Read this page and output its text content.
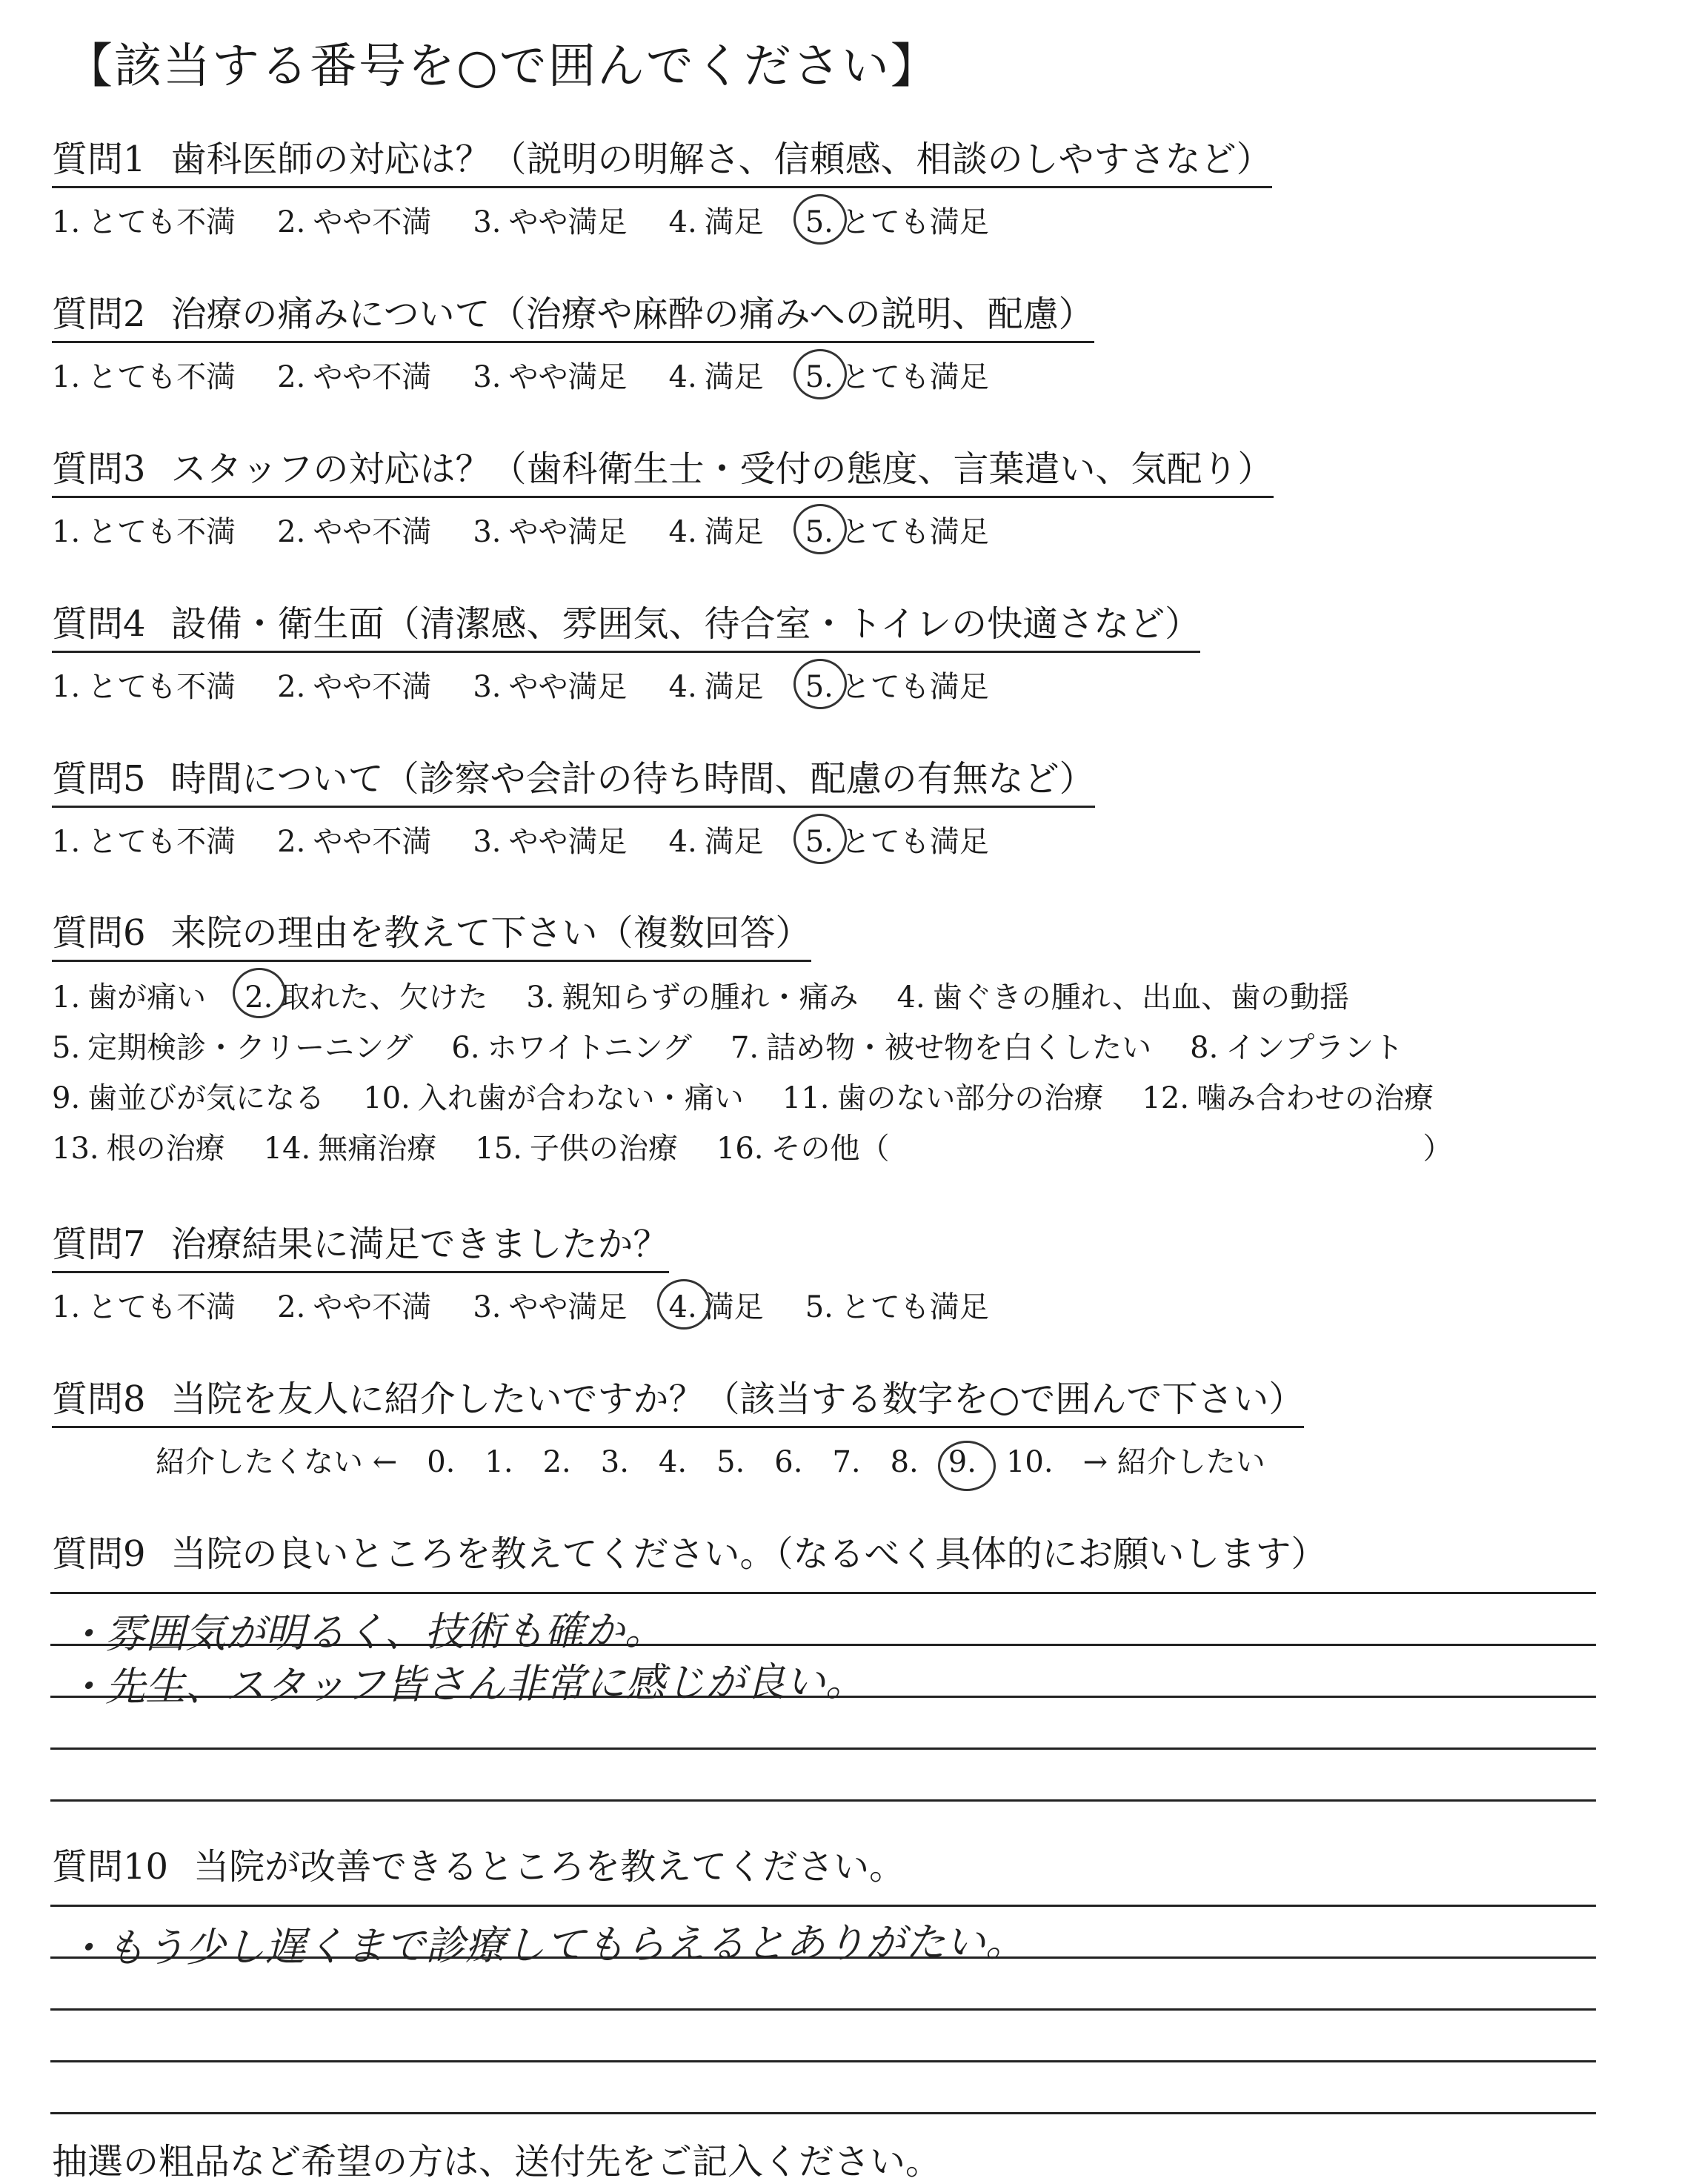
【該当する番号を○で囲んでください】
質問1 歯科医師の対応は？（説明の明解さ、信頼感、相談のしやすさなど）
1. とても不満 2. やや不満 3. やや満足 4. 満足 5. とても満足
質問2 治療の痛みについて（治療や麻酔の痛みへの説明、配慮）
1. とても不満 2. やや不満 3. やや満足 4. 満足 5. とても満足
質問3 スタッフの対応は？（歯科衛生士・受付の態度、言葉遣い、気配り）
1. とても不満 2. やや不満 3. やや満足 4. 満足 5. とても満足
質問4 設備・衛生面（清潔感、雰囲気、待合室・トイレの快適さなど）
1. とても不満 2. やや不満 3. やや満足 4. 満足 5. とても満足
質問5 時間について（診察や会計の待ち時間、配慮の有無など）
1. とても不満 2. やや不満 3. やや満足 4. 満足 5. とても満足
質問6 来院の理由を教えて下さい（複数回答）
1. 歯が痛い 2. 取れた、欠けた 3. 親知らずの腫れ・痛み 4. 歯ぐきの腫れ、出血、歯の動揺
5. 定期検診・クリーニング 6. ホワイトニング 7. 詰め物・被せ物を白くしたい 8. インプラント
9. 歯並びが気になる 10. 入れ歯が合わない・痛い 11. 歯のない部分の治療 12. 噛み合わせの治療
13. 根の治療 14. 無痛治療 15. 子供の治療 16. その他（	）
質問7 治療結果に満足できましたか？
1. とても不満 2. やや不満 3. やや満足 4. 満足 5. とても満足
質問8 当院を友人に紹介したいですか？（該当する数字を○で囲んで下さい）
紹介したくない ← 0. 1. 2. 3. 4. 5. 6. 7. 8. 9. 10. → 紹介したい
質問9 当院の良いところを教えてください。（なるべく具体的にお願いします）
・雰囲気が明るく、技術も確か。
・先生、スタッフ皆さん非常に感じが良い。
質問10 当院が改善できるところを教えてください。
・もう少し遅くまで診療してもらえるとありがたい。
抽選の粗品など希望の方は、送付先をご記入ください。
